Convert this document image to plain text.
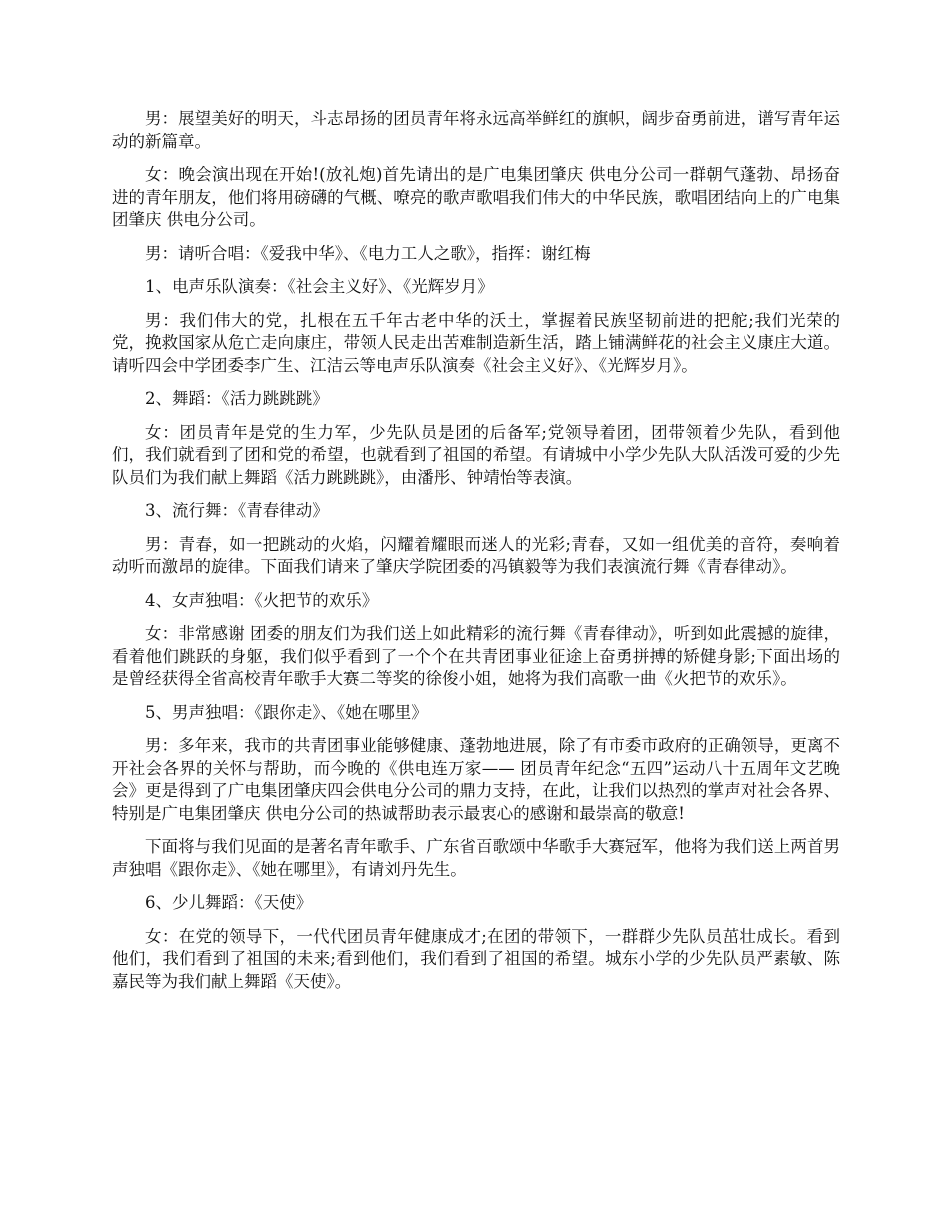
男：展望美好的明天，斗志昂扬的团员青年将永远高举鲜红的旗帜，阔步奋勇前进，谱写青年运动的新篇章。

女：晚会演出现在开始!(放礼炮)首先请出的是广电集团肇庆 供电分公司一群朝气蓬勃、昂扬奋进的青年朋友，他们将用磅礴的气概、嘹亮的歌声歌唱我们伟大的中华民族，歌唱团结向上的广电集团肇庆 供电分公司。

男：请听合唱：《爱我中华》、《电力工人之歌》，指挥：谢红梅

1、电声乐队演奏：《社会主义好》、《光辉岁月》

男：我们伟大的党，扎根在五千年古老中华的沃土，掌握着民族坚韧前进的把舵;我们光荣的党，挽救国家从危亡走向康庄，带领人民走出苦难制造新生活，踏上铺满鲜花的社会主义康庄大道。请听四会中学团委李广生、江洁云等电声乐队演奏《社会主义好》、《光辉岁月》。

2、舞蹈：《活力跳跳跳》

女：团员青年是党的生力军，少先队员是团的后备军;党领导着团，团带领着少先队，看到他们，我们就看到了团和党的希望，也就看到了祖国的希望。有请城中小学少先队大队活泼可爱的少先队员们为我们献上舞蹈《活力跳跳跳》，由潘彤、钟靖怡等表演。

3、流行舞：《青春律动》

男：青春，如一把跳动的火焰，闪耀着耀眼而迷人的光彩;青春，又如一组优美的音符，奏响着动听而激昂的旋律。下面我们请来了肇庆学院团委的冯镇毅等为我们表演流行舞《青春律动》。

4、女声独唱：《火把节的欢乐》

女：非常感谢 团委的朋友们为我们送上如此精彩的流行舞《青春律动》，听到如此震撼的旋律，看着他们跳跃的身躯，我们似乎看到了一个个在共青团事业征途上奋勇拼搏的矫健身影;下面出场的是曾经获得全省高校青年歌手大赛二等奖的徐俊小姐，她将为我们高歌一曲《火把节的欢乐》。

5、男声独唱：《跟你走》、《她在哪里》

男：多年来，我市的共青团事业能够健康、蓬勃地进展，除了有市委市政府的正确领导，更离不开社会各界的关怀与帮助，而今晚的《供电连万家—— 团员青年纪念“五四”运动八十五周年文艺晚会》更是得到了广电集团肇庆四会供电分公司的鼎力支持，在此，让我们以热烈的掌声对社会各界、特别是广电集团肇庆 供电分公司的热诚帮助表示最衷心的感谢和最崇高的敬意!

下面将与我们见面的是著名青年歌手、广东省百歌颂中华歌手大赛冠军，他将为我们送上两首男声独唱《跟你走》、《她在哪里》，有请刘丹先生。

6、少儿舞蹈：《天使》

女：在党的领导下，一代代团员青年健康成才;在团的带领下，一群群少先队员茁壮成长。看到他们，我们看到了祖国的未来;看到他们，我们看到了祖国的希望。城东小学的少先队员严素敏、陈嘉民等为我们献上舞蹈《天使》。
